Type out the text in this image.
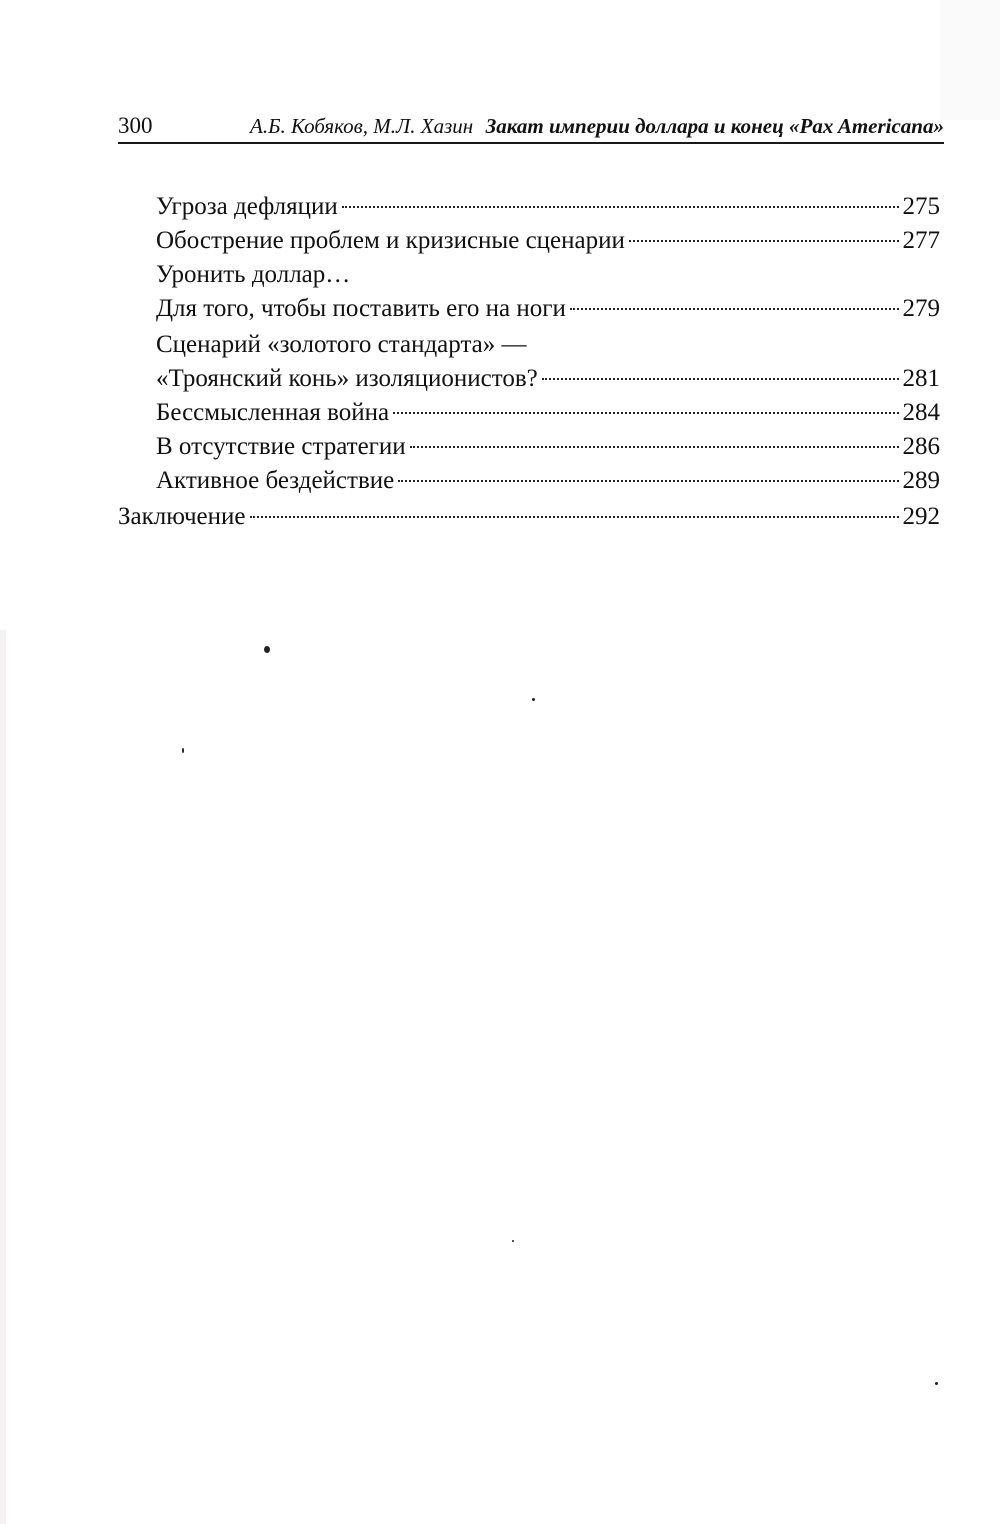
300	А.Б. Кобяков, М.Л. Хазин Закат империи доллара и конец «Pax Americana»
Угроза дефляции	275
Обострение проблем и кризисные сценарии	277
Уронить доллар…
Для того, чтобы поставить его на ноги	279
Сценарий «золотого стандарта» —
«Троянский конь» изоляционистов?	281
Бессмысленная война	284
В отсутствие стратегии	286
Активное бездействие	289
Заключение	292
